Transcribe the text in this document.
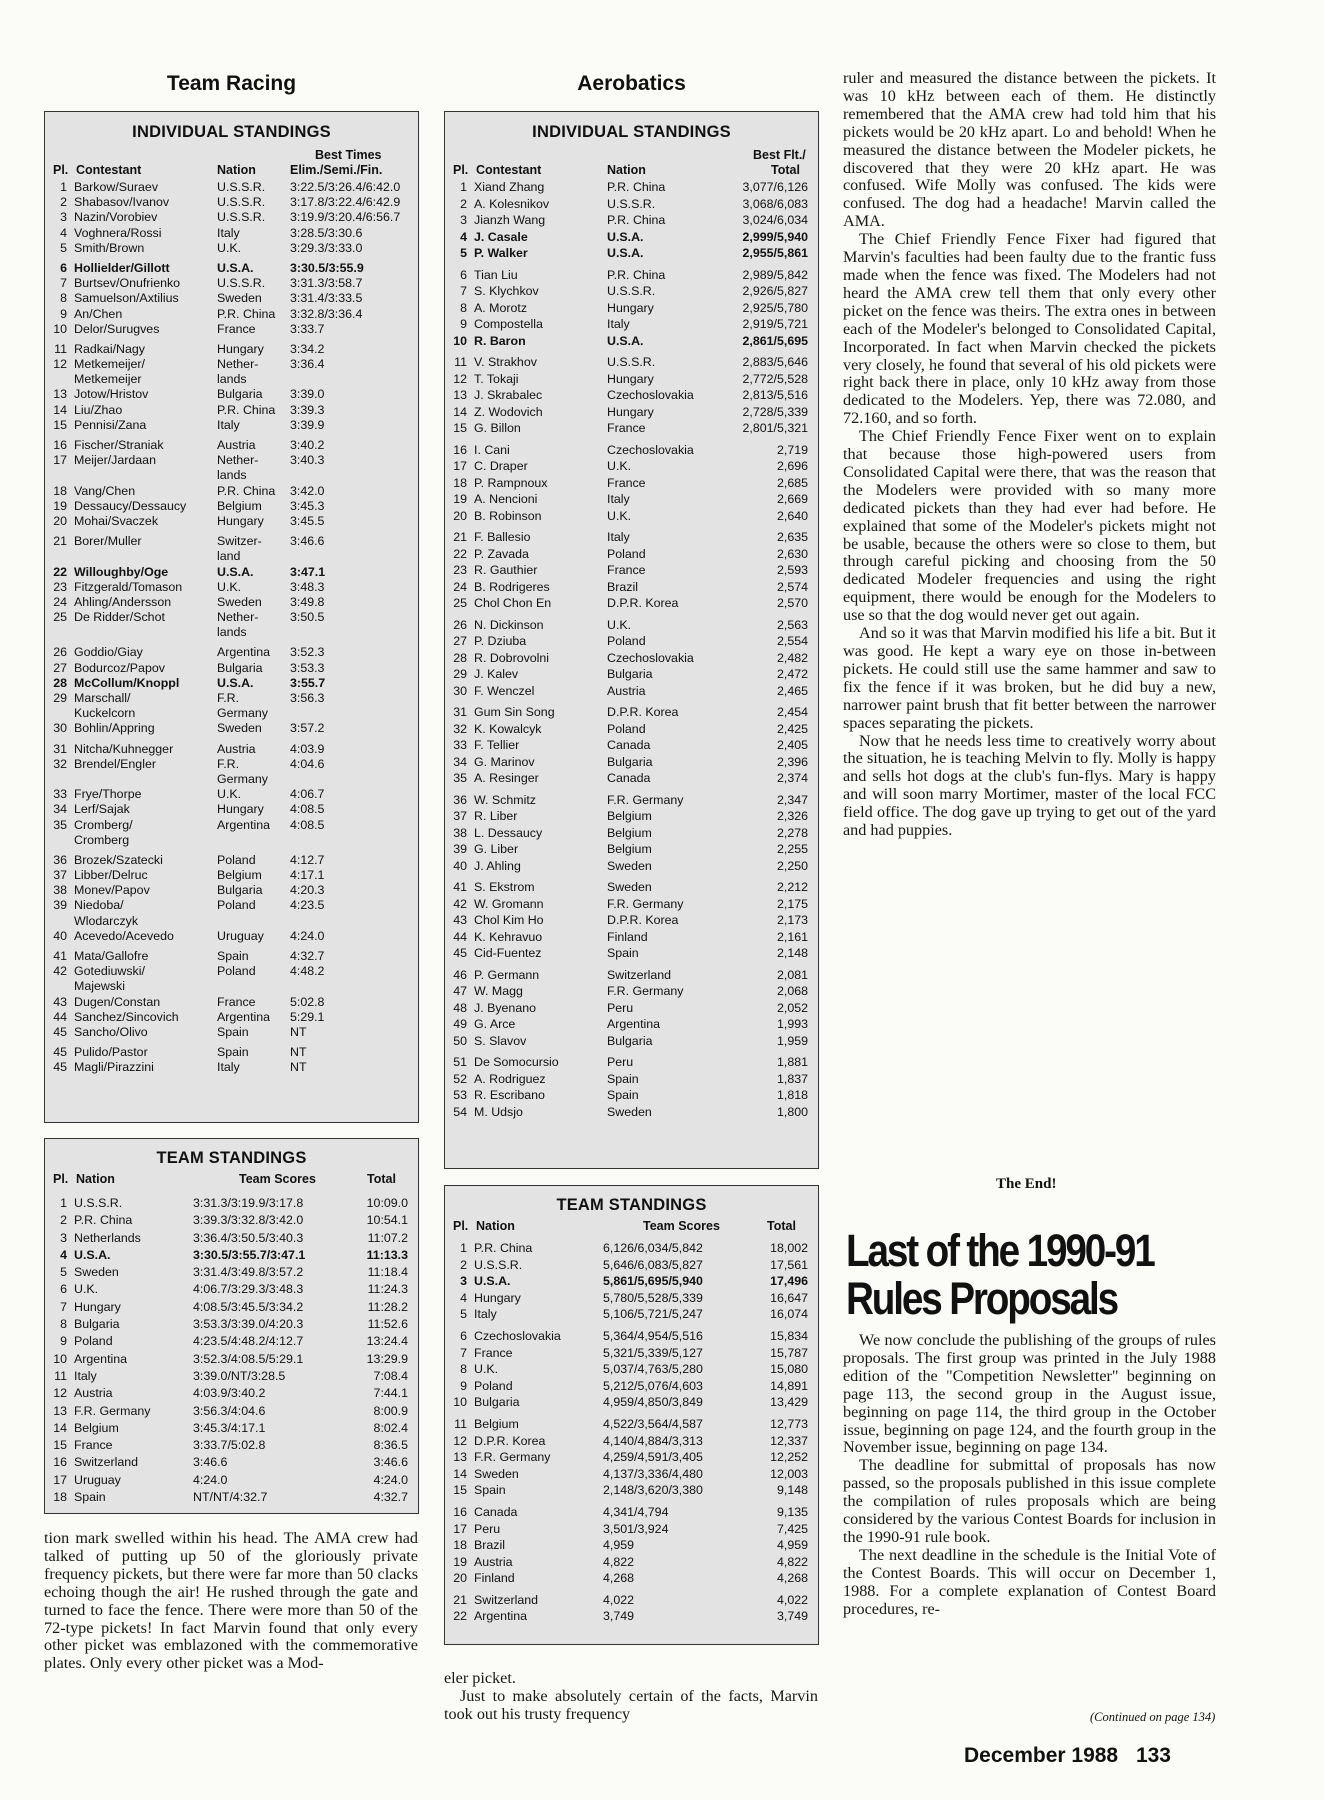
Team Racing
INDIVIDUAL STANDINGS
Best Times
Pl. Contestant	Nation	Elim./Semi./Fin.
1 Barkow/Suraev	U.S.S.R. 3:22.5/3:26.4/6:42.0
2 Shabasov/Ivanov	U.S.S.R. 3:17.8/3:22.4/6:42.9
3 Nazin/Vorobiev	U.S.S.R. 3:19.9/3:20.4/6:56.7
4 Voghnera/Rossi	Italy	3:28.5/3:30.6
5 Smith/Brown	U.K.	3:29.3/3:33.0
6 Hollielder/Gillott	U.S.A.	3:30.5/3:55.9
7 Burtsev/Onufrienko	U.S.S.R. 3:31.3/3:58.7
8 Samuelson/Axtilius	Sweden 3:31.4/3:33.5
9 An/Chen	P.R. China 3:32.8/3:36.4
10 Delor/Surugves	France	3:33.7
11 Radkai/Nagy	Hungary 3:34.2
12 Metkemeijer/	Nether-	3:36.4
Metkemeijer	lands
13 Jotow/Hristov	Bulgaria 3:39.0
14 Liu/Zhao	P.R. China 3:39.3
15 Pennisi/Zana	Italy	3:39.9
16 Fischer/Straniak	Austria	3:40.2
17 Meijer/Jardaan	Nether-	3:40.3
lands
18 Vang/Chen	P.R. China 3:42.0
19 Dessaucy/Dessaucy Belgium 3:45.3
20 Mohai/Svaczek	Hungary 3:45.5
21 Borer/Muller	Switzer- 3:46.6
land
22 Willoughby/Oge	U.S.A.	3:47.1
23 Fitzgerald/Tomason	U.K.	3:48.3
24 Ahling/Andersson	Sweden 3:49.8
25 De Ridder/Schot	Nether-	3:50.5
lands
26 Goddio/Giay	Argentina 3:52.3
27 Bodurcoz/Papov	Bulgaria 3:53.3
28 McCollum/Knoppl	U.S.A.	3:55.7
29 Marschall/	F.R.	3:56.3
Kuckelcorn	Germany
30 Bohlin/Appring	Sweden 3:57.2
31 Nitcha/Kuhnegger	Austria	4:03.9
32 Brendel/Engler	F.R.	4:04.6
Germany
33 Frye/Thorpe	U.K.	4:06.7
34 Lerf/Sajak	Hungary 4:08.5
35 Cromberg/	Argentina 4:08.5
Cromberg
36 Brozek/Szatecki	Poland	4:12.7
37 Libber/Delruc	Belgium 4:17.1
38 Monev/Papov	Bulgaria 4:20.3
39 Niedoba/	Poland	4:23.5
Wlodarczyk
40 Acevedo/Acevedo	Uruguay 4:24.0
41 Mata/Gallofre	Spain	4:32.7
42 Gotediuwski/	Poland	4:48.2
Majewski
43 Dugen/Constan	France	5:02.8
44 Sanchez/Sincovich	Argentina 5:29.1
45 Sancho/Olivo	Spain	NT
45 Pulido/Pastor	Spain	NT
45 Magli/Pirazzini	Italy	NT
TEAM STANDINGS
Pl. Nation	Team Scores	Total
1 U.S.S.R.	3:31.3/3:19.9/3:17.8	10:09.0
2 P.R. China	3:39.3/3:32.8/3:42.0	10:54.1
3 Netherlands	3:36.4/3:50.5/3:40.3	11:07.2
4 U.S.A.	3:30.5/3:55.7/3:47.1	11:13.3
5 Sweden	3:31.4/3:49.8/3:57.2	11:18.4
6 U.K.	4:06.7/3:29.3/3:48.3	11:24.3
7 Hungary	4:08.5/3:45.5/3:34.2	11:28.2
8 Bulgaria	3:53.3/3:39.0/4:20.3	11:52.6
9 Poland	4:23.5/4:48.2/4:12.7	13:24.4
10 Argentina	3:52.3/4:08.5/5:29.1	13:29.9
11 Italy	3:39.0/NT/3:28.5	7:08.4
12 Austria	4:03.9/3:40.2	7:44.1
13 F.R. Germany	3:56.3/4:04.6	8:00.9
14 Belgium	3:45.3/4:17.1	8:02.4
15 France	3:33.7/5:02.8	8:36.5
16 Switzerland	3:46.6	3:46.6
17 Uruguay	4:24.0	4:24.0
18 Spain	NT/NT/4:32.7	4:32.7

tion mark swelled within his head. The AMA crew had talked of putting up 50 of the gloriously private frequency pickets, but there were far more than 50 clacks echoing though the air! He rushed through the gate and turned to face the fence. There were more than 50 of the 72-type pickets! In fact Marvin found that only every other picket was emblazoned with the commemorative plates. Only every other picket was a Mod-

Aerobatics
INDIVIDUAL STANDINGS
Best Flt./
Pl. Contestant	Nation	Total
1 Xiand Zhang	P.R. China	3,077/6,126
2 A. Kolesnikov	U.S.S.R.	3,068/6,083
3 Jianzh Wang	P.R. China	3,024/6,034
4 J. Casale	U.S.A.	2,999/5,940
5 P. Walker	U.S.A.	2,955/5,861
6 Tian Liu	P.R. China	2,989/5,842
7 S. Klychkov	U.S.S.R.	2,926/5,827
8 A. Morotz	Hungary	2,925/5,780
9 Compostella	Italy	2,919/5,721
10 R. Baron	U.S.A.	2,861/5,695
11 V. Strakhov	U.S.S.R.	2,883/5,646
12 T. Tokaji	Hungary	2,772/5,528
13 J. Skrabalec	Czechoslovakia	2,813/5,516
14 Z. Wodovich	Hungary	2,728/5,339
15 G. Billon	France	2,801/5,321
16 I. Cani	Czechoslovakia	2,719
17 C. Draper	U.K.	2,696
18 P. Rampnoux	France	2,685
19 A. Nencioni	Italy	2,669
20 B. Robinson	U.K.	2,640
21 F. Ballesio	Italy	2,635
22 P. Zavada	Poland	2,630
23 R. Gauthier	France	2,593
24 B. Rodrigeres	Brazil	2,574
25 Chol Chon En	D.P.R. Korea	2,570
26 N. Dickinson	U.K.	2,563
27 P. Dziuba	Poland	2,554
28 R. Dobrovolni	Czechoslovakia	2,482
29 J. Kalev	Bulgaria	2,472
30 F. Wenczel	Austria	2,465
31 Gum Sin Song	D.P.R. Korea	2,454
32 K. Kowalcyk	Poland	2,425
33 F. Tellier	Canada	2,405
34 G. Marinov	Bulgaria	2,396
35 A. Resinger	Canada	2,374
36 W. Schmitz	F.R. Germany	2,347
37 R. Liber	Belgium	2,326
38 L. Dessaucy	Belgium	2,278
39 G. Liber	Belgium	2,255
40 J. Ahling	Sweden	2,250
41 S. Ekstrom	Sweden	2,212
42 W. Gromann	F.R. Germany	2,175
43 Chol Kim Ho	D.P.R. Korea	2,173
44 K. Kehravuo	Finland	2,161
45 Cid-Fuentez	Spain	2,148
46 P. Germann	Switzerland	2,081
47 W. Magg	F.R. Germany	2,068
48 J. Byenano	Peru	2,052
49 G. Arce	Argentina	1,993
50 S. Slavov	Bulgaria	1,959
51 De Somocursio	Peru	1,881
52 A. Rodriguez	Spain	1,837
53 R. Escribano	Spain	1,818
54 M. Udsjo	Sweden	1,800
TEAM STANDINGS
Pl. Nation	Team Scores	Total
1 P.R. China	6,126/6,034/5,842	18,002
2 U.S.S.R.	5,646/6,083/5,827	17,561
3 U.S.A.	5,861/5,695/5,940	17,496
4 Hungary	5,780/5,528/5,339	16,647
5 Italy	5,106/5,721/5,247	16,074
6 Czechoslovakia	5,364/4,954/5,516	15,834
7 France	5,321/5,339/5,127	15,787
8 U.K.	5,037/4,763/5,280	15,080
9 Poland	5,212/5,076/4,603	14,891
10 Bulgaria	4,959/4,850/3,849	13,429
11 Belgium	4,522/3,564/4,587	12,773
12 D.P.R. Korea	4,140/4,884/3,313	12,337
13 F.R. Germany	4,259/4,591/3,405	12,252
14 Sweden	4,137/3,336/4,480	12,003
15 Spain	2,148/3,620/3,380	9,148
16 Canada	4,341/4,794	9,135
17 Peru	3,501/3,924	7,425
18 Brazil	4,959	4,959
19 Austria	4,822	4,822
20 Finland	4,268	4,268
21 Switzerland	4,022	4,022
22 Argentina	3,749	3,749

eler picket.

Just to make absolutely certain of the facts, Marvin took out his trusty frequency

ruler and measured the distance between the pickets. It was 10 kHz between each of them. He distinctly remembered that the AMA crew had told him that his pickets would be 20 kHz apart. Lo and behold! When he measured the distance between the Modeler pickets, he discovered that they were 20 kHz apart. He was confused. Wife Molly was confused. The kids were confused. The dog had a headache! Marvin called the AMA.

The Chief Friendly Fence Fixer had figured that Marvin's faculties had been faulty due to the frantic fuss made when the fence was fixed. The Modelers had not heard the AMA crew tell them that only every other picket on the fence was theirs. The extra ones in between each of the Modeler's belonged to Consolidated Capital, Incorporated. In fact when Marvin checked the pickets very closely, he found that several of his old pickets were right back there in place, only 10 kHz away from those dedicated to the Modelers. Yep, there was 72.080, and 72.160, and so forth.

The Chief Friendly Fence Fixer went on to explain that because those high-powered users from Consolidated Capital were there, that was the reason that the Modelers were provided with so many more dedicated pickets than they had ever had before. He explained that some of the Modeler's pickets might not be usable, because the others were so close to them, but through careful picking and choosing from the 50 dedicated Modeler frequencies and using the right equipment, there would be enough for the Modelers to use so that the dog would never get out again.

And so it was that Marvin modified his life a bit. But it was good. He kept a wary eye on those in-between pickets. He could still use the same hammer and saw to fix the fence if it was broken, but he did buy a new, narrower paint brush that fit better between the narrower spaces separating the pickets.

Now that he needs less time to creatively worry about the situation, he is teaching Melvin to fly. Molly is happy and sells hot dogs at the club's fun-flys. Mary is happy and will soon marry Mortimer, master of the local FCC field office. The dog gave up trying to get out of the yard and had puppies.

The End!
Last of the 1990-91
Rules Proposals

We now conclude the publishing of the groups of rules proposals. The first group was printed in the July 1988 edition of the "Competition Newsletter" beginning on page 113, the second group in the August issue, beginning on page 114, the third group in the October issue, beginning on page 124, and the fourth group in the November issue, beginning on page 134.

The deadline for submittal of proposals has now passed, so the proposals published in this issue complete the compilation of rules proposals which are being considered by the various Contest Boards for inclusion in the 1990-91 rule book.

The next deadline in the schedule is the Initial Vote of the Contest Boards. This will occur on December 1, 1988. For a complete explanation of Contest Board procedures, re-

(Continued on page 134)
December 1988 133
